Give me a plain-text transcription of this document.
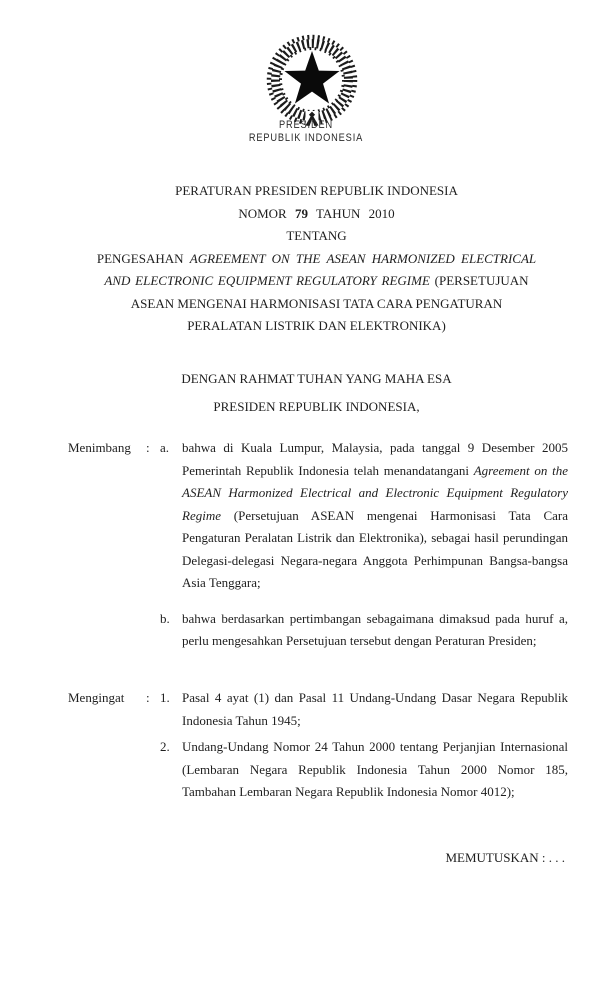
PRESIDEN
REPUBLIK INDONESIA
PERATURAN PRESIDEN REPUBLIK INDONESIA
NOMOR 79 TAHUN 2010
TENTANG
PENGESAHAN AGREEMENT ON THE ASEAN HARMONIZED ELECTRICAL
AND ELECTRONIC EQUIPMENT REGULATORY REGIME (PERSETUJUAN
ASEAN MENGENAI HARMONISASI TATA CARA PENGATURAN
PERALATAN LISTRIK DAN ELEKTRONIKA)
DENGAN RAHMAT TUHAN YANG MAHA ESA
PRESIDEN REPUBLIK INDONESIA,
Menimbang : a. bahwa di Kuala Lumpur, Malaysia, pada tanggal 9 Desember 2005
Pemerintah Republik Indonesia telah menandatangani Agreement on the
ASEAN Harmonized Electrical and Electronic Equipment Regulatory
Regime (Persetujuan ASEAN mengenai Harmonisasi Tata Cara
Pengaturan Peralatan Listrik dan Elektronika), sebagai hasil perundingan
Delegasi-delegasi Negara-negara Anggota Perhimpunan Bangsa-bangsa
Asia Tenggara;
b. bahwa berdasarkan pertimbangan sebagaimana dimaksud pada huruf a,
perlu mengesahkan Persetujuan tersebut dengan Peraturan Presiden;
Mengingat : 1. Pasal 4 ayat (1) dan Pasal 11 Undang-Undang Dasar Negara Republik
Indonesia Tahun 1945;
2. Undang-Undang Nomor 24 Tahun 2000 tentang Perjanjian Internasional
(Lembaran Negara Republik Indonesia Tahun 2000 Nomor 185,
Tambahan Lembaran Negara Republik Indonesia Nomor 4012);
MEMUTUSKAN : . . .
